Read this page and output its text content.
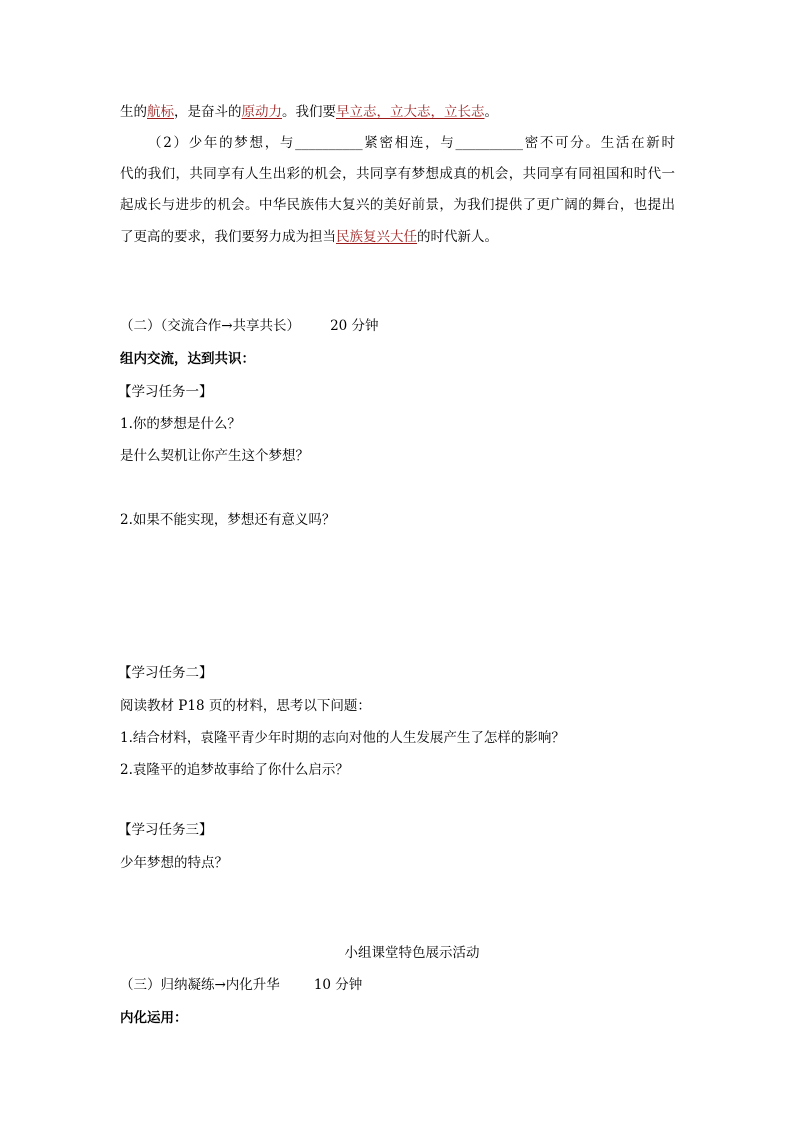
生的航标，是奋斗的原动力。我们要早立志，立大志，立长志。
（2）少年的梦想，与__________紧密相连，与__________密不可分。生活在新时
代的我们，共同享有人生出彩的机会，共同享有梦想成真的机会，共同享有同祖国和时代一
起成长与进步的机会。中华民族伟大复兴的美好前景，为我们提供了更广阔的舞台，也提出
了更高的要求，我们要努力成为担当民族复兴大任的时代新人。
（二）（交流合作→共享共长） 20 分钟
组内交流，达到共识：
【学习任务一】
1.你的梦想是什么？
是什么契机让你产生这个梦想？
2.如果不能实现，梦想还有意义吗？
【学习任务二】
阅读教材 P18 页的材料，思考以下问题：
1.结合材料，袁隆平青少年时期的志向对他的人生发展产生了怎样的影响？
2.袁隆平的追梦故事给了你什么启示？
【学习任务三】
少年梦想的特点？
小组课堂特色展示活动
（三）归纳凝练→内化升华	10 分钟
内化运用：
